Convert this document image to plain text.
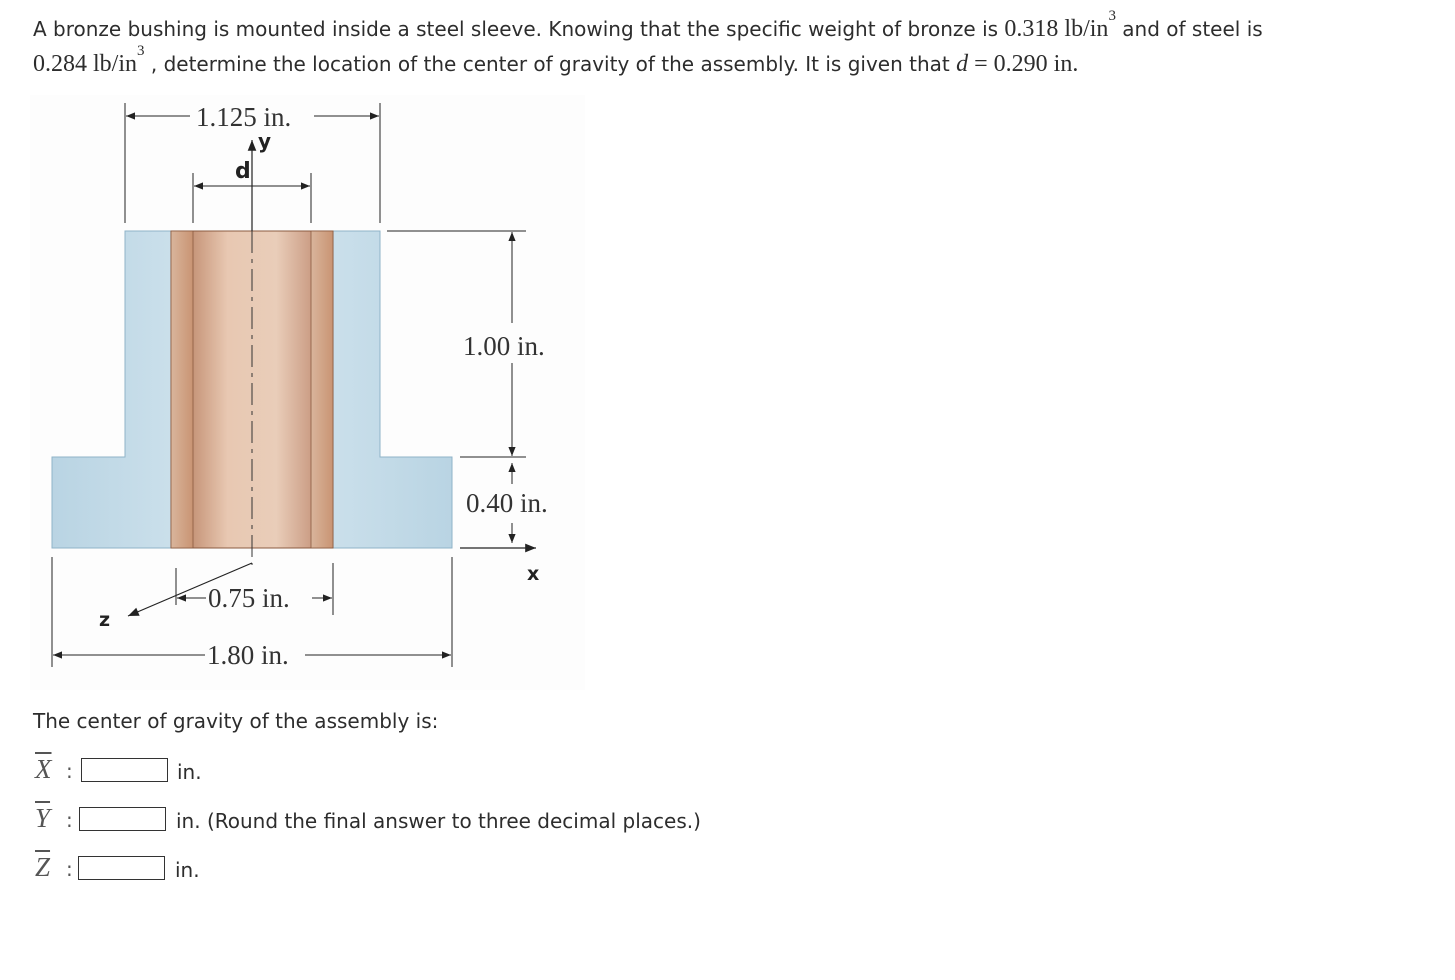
A bronze bushing is mounted inside a steel sleeve. Knowing that the specific weight of bronze is 0.318 $lb/in^3$ and of steel is
0.284 $lb/in^3$ , determine the location of the center of gravity of the assembly. It is given that d = 0.290 in.
y
1.125 in.
d
1.00 in.
0.40 in.
x
z
0.75 in.
1.80 in.
The center of gravity of the assembly is:
$\overline{X}$ :	in.
$\overline{Y}$ :	in. (Round the final answer to three decimal places.)
$\overline{Z}$ :	in.
